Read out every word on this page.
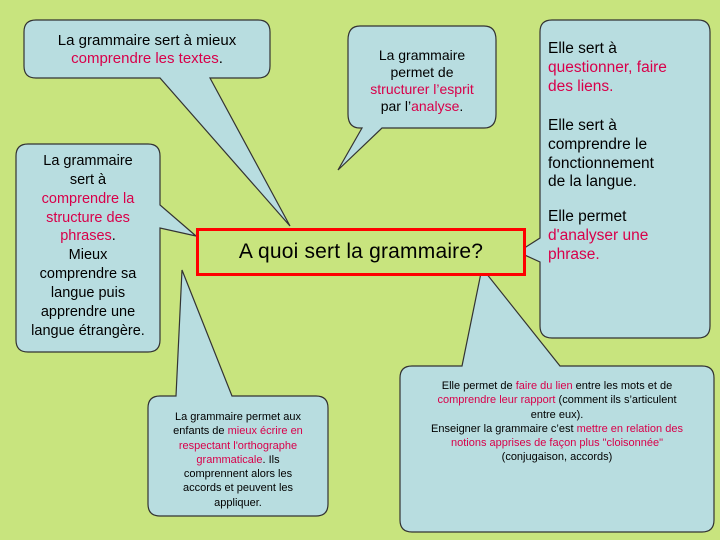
La grammaire sert à mieux
comprendre les textes.	La grammaire
permet de
structurer l’esprit
par l’analyse.
La grammaire
sert à
comprendre la
structure des
phrases.
Mieux
comprendre sa
langue puis
apprendre une
langue étrangère.
Elle sert à
questionner, faire
des liens.
Elle sert à
comprendre le
fonctionnement
de la langue.
Elle permet
d'analyser une
phrase.
A quoi sert la grammaire?
La grammaire permet aux
enfants de mieux écrire en
respectant l'orthographe
grammaticale. Ils
comprennent alors les
accords et peuvent les
appliquer.
Elle permet de faire du lien entre les mots et de
comprendre leur rapport (comment ils s’articulent
entre eux).
Enseigner la grammaire c’est mettre en relation des
notions apprises de façon plus "cloisonnée"
(conjugaison, accords)
